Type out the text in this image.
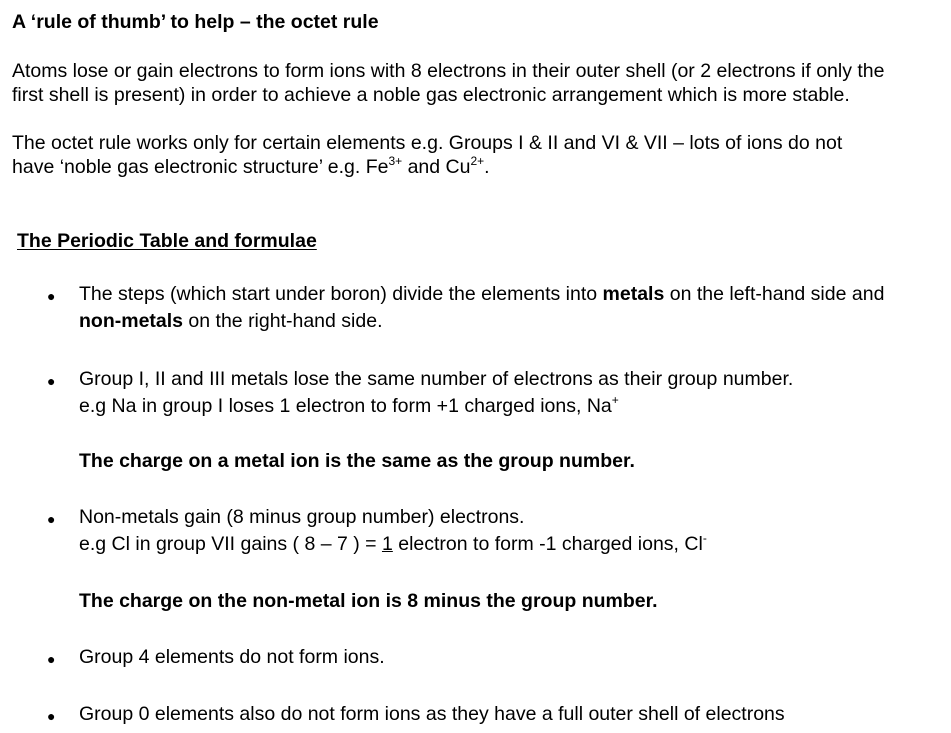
A ‘rule of thumb’ to help – the octet rule
Atoms lose or gain electrons to form ions with 8 electrons in their outer shell (or 2 electrons if only the
first shell is present) in order to achieve a noble gas electronic arrangement which is more stable.
The octet rule works only for certain elements e.g. Groups I & II and VI & VII – lots of ions do not
have ‘noble gas electronic structure’ e.g. $Fe^{3+}$ and $Cu^{2+}$.
The Periodic Table and formulae
● The steps (which start under boron) divide the elements into metals on the left-hand side and
non-metals on the right-hand side.
● Group I, II and III metals lose the same number of electrons as their group number.
e.g Na in group I loses 1 electron to form +1 charged ions, Na+
The charge on a metal ion is the same as the group number.
● Non-metals gain (8 minus group number) electrons.
e.g Cl in group VII gains ( 8 – 7 ) = 1 electron to form -1 charged ions, Cl-
The charge on the non-metal ion is 8 minus the group number.
● Group 4 elements do not form ions.
● Group 0 elements also do not form ions as they have a full outer shell of electrons
